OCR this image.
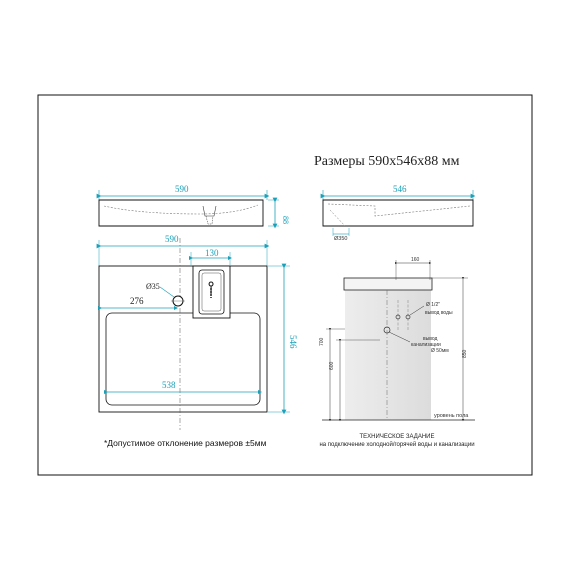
Размеры 590х546х88 мм
590
88
546
Ø350
590
130
Ø35
276
538
546
*Допустимое отклонение размеров ±5мм
160
700
600
850
Ø 1/2"
вывод воды
вывод
канализации
Ø 50мм
уровень пола
ТЕХНИЧЕСКОЕ ЗАДАНИЕ
на подключение холодной/горячей воды и канализации
